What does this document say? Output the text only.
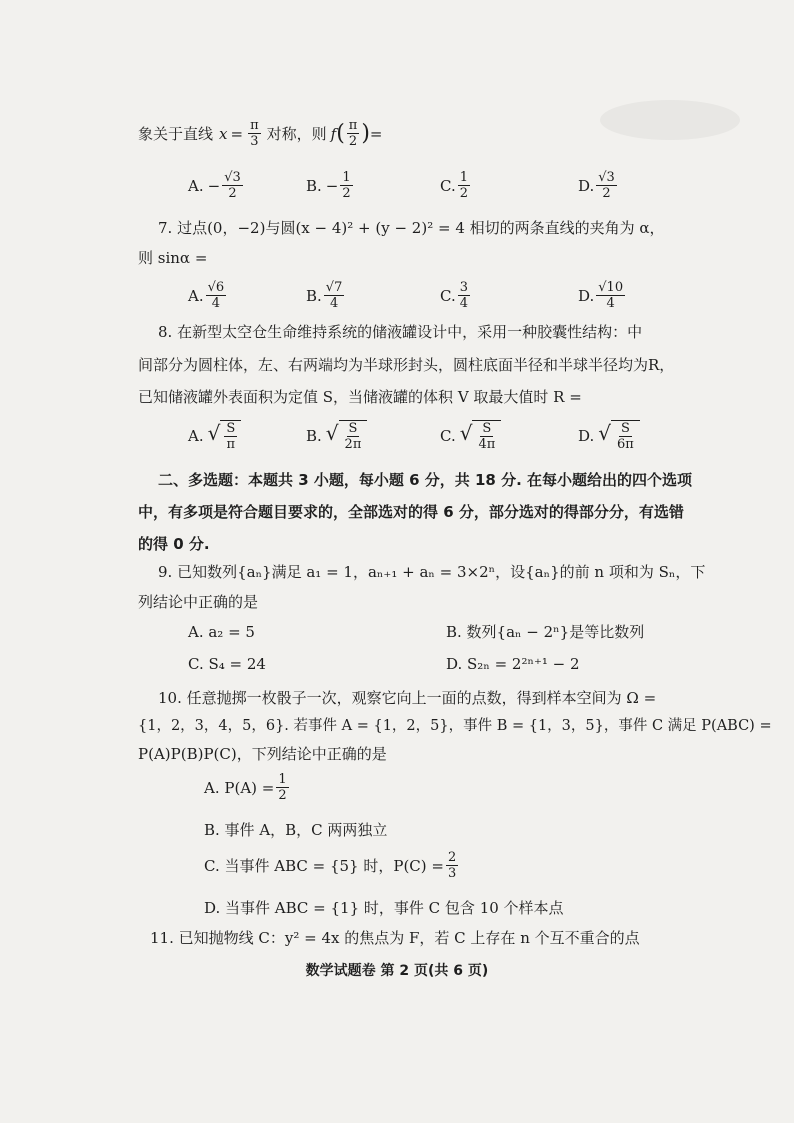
象关于直线 $x = \frac{\pi}{3}$ 对称，则 f ( $\frac{\pi}{2}$ ) =
A. − $\frac{√3}{2}$	B. − $\frac{1}{2}$	C. $\frac{1}{2}$	D. $\frac{√3}{2}$
7. 过点(0，−2)与圆(x − 4)² + (y − 2)² = 4 相切的两条直线的夹角为 α，
则 sinα =
A. $\frac{√6}{4}$	B. $\frac{√7}{4}$	C. $\frac{3}{4}$	D. $\frac{√10}{4}$
8. 在新型太空仓生命维持系统的储液罐设计中，采用一种胶囊性结构：中
间部分为圆柱体，左、右两端均为半球形封头，圆柱底面半径和半球半径均为R，
已知储液罐外表面积为定值 S，当储液罐的体积 V 取最大值时 R =
A. √ $\frac{S}{\pi}$	B. √ $\frac{S}{2\pi}$	C. √ $\frac{S}{4\pi}$	D. √ $\frac{S}{6\pi}$
二、多选题：本题共 3 小题，每小题 6 分，共 18 分. 在每小题给出的四个选项
中，有多项是符合题目要求的，全部选对的得 6 分，部分选对的得部分分，有选错
的得 0 分.
9. 已知数列{aₙ}满足 a₁ = 1，aₙ₊₁ + aₙ = 3×2ⁿ，设{aₙ}的前 n 项和为 Sₙ，下
列结论中正确的是
A. a₂ = 5	B. 数列{aₙ − 2ⁿ}是等比数列
C. S₄ = 24	D. S₂ₙ = 2²ⁿ⁺¹ − 2
10. 任意抛掷一枚骰子一次，观察它向上一面的点数，得到样本空间为 Ω =
{1，2，3，4，5，6}. 若事件 A = {1，2，5}，事件 B = {1，3，5}，事件 C 满足 P(ABC) =
P(A)P(B)P(C)，下列结论中正确的是
A. $P(A) = \frac{1}{2}$
B. 事件 A，B，C 两两独立
C. 当事件 ABC = {5} 时，$P(C) = \frac{2}{3}$
D. 当事件 ABC = {1} 时，事件 C 包含 10 个样本点
11. 已知抛物线 C：y² = 4x 的焦点为 F，若 C 上存在 n 个互不重合的点
数学试题卷 第 2 页(共 6 页)
